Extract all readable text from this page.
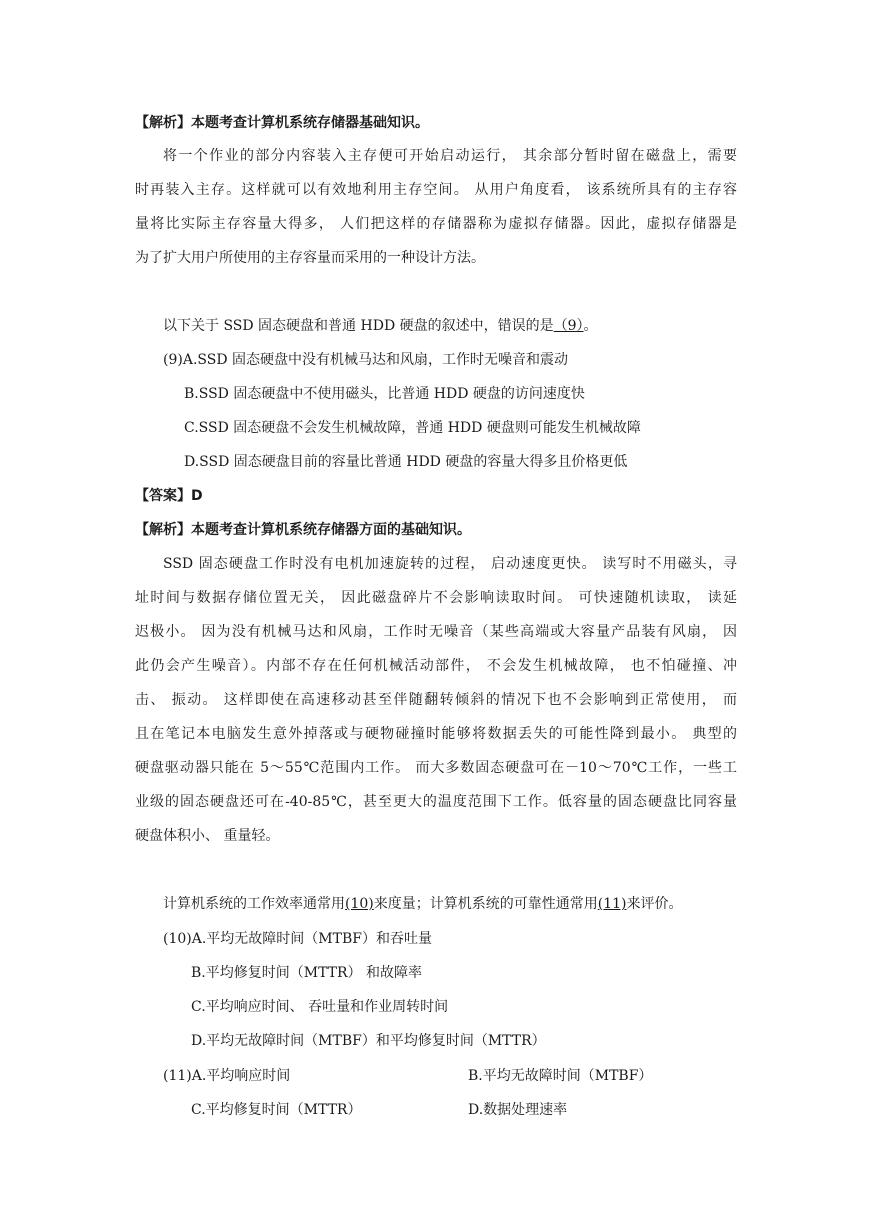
【解析】本题考查计算机系统存储器基础知识。
将一个作业的部分内容装入主存便可开始启动运行， 其余部分暂时留在磁盘上，需要
时再装入主存。这样就可以有效地利用主存空间。 从用户角度看， 该系统所具有的主存容
量将比实际主存容量大得多， 人们把这样的存储器称为虚拟存储器。因此，虚拟存储器是
为了扩大用户所使用的主存容量而采用的一种设计方法。
以下关于 SSD 固态硬盘和普通 HDD 硬盘的叙述中，错误的是（9）。
(9)A.SSD 固态硬盘中没有机械马达和风扇，工作时无噪音和震动
B.SSD 固态硬盘中不使用磁头，比普通 HDD 硬盘的访问速度快
C.SSD 固态硬盘不会发生机械故障，普通 HDD 硬盘则可能发生机械故障
D.SSD 固态硬盘目前的容量比普通 HDD 硬盘的容量大得多且价格更低
【答案】D
【解析】本题考查计算机系统存储器方面的基础知识。
SSD 固态硬盘工作时没有电机加速旋转的过程， 启动速度更快。 读写时不用磁头，寻
址时间与数据存储位置无关， 因此磁盘碎片不会影响读取时间。 可快速随机读取， 读延
迟极小。 因为没有机械马达和风扇，工作时无噪音（某些高端或大容量产品装有风扇， 因
此仍会产生噪音）。内部不存在任何机械活动部件， 不会发生机械故障， 也不怕碰撞、冲
击、 振动。 这样即使在高速移动甚至伴随翻转倾斜的情况下也不会影响到正常使用， 而
且在笔记本电脑发生意外掉落或与硬物碰撞时能够将数据丢失的可能性降到最小。 典型的
硬盘驱动器只能在 5～55℃范围内工作。 而大多数固态硬盘可在－10～70℃工作，一些工
业级的固态硬盘还可在-40-85℃，甚至更大的温度范围下工作。低容量的固态硬盘比同容量
硬盘体积小、 重量轻。
计算机系统的工作效率通常用(10)来度量；计算机系统的可靠性通常用(11)来评价。
(10)A.平均无故障时间（MTBF）和吞吐量
B.平均修复时间（MTTR） 和故障率
C.平均响应时间、 吞吐量和作业周转时间
D.平均无故障时间（MTBF）和平均修复时间（MTTR）
(11)A.平均响应时间	B.平均无故障时间（MTBF）
C.平均修复时间（MTTR）	D.数据处理速率
